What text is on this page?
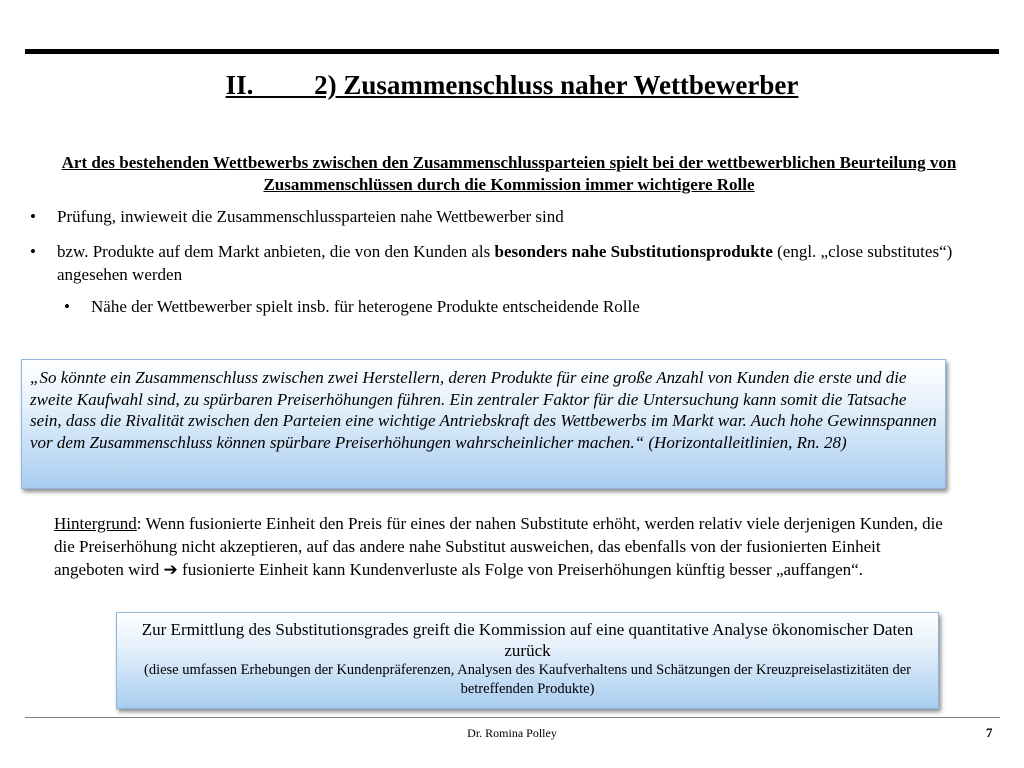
II.         2) Zusammenschluss naher Wettbewerber
Art des bestehenden Wettbewerbs zwischen den Zusammenschlussparteien spielt bei der wettbewerblichen Beurteilung von Zusammenschlüssen durch die Kommission immer wichtigere Rolle
• Prüfung, inwieweit die Zusammenschlussparteien nahe Wettbewerber sind
• bzw. Produkte auf dem Markt anbieten, die von den Kunden als besonders nahe Substitutionsprodukte (engl. „close substitutes“) angesehen werden
• Nähe der Wettbewerber spielt insb. für heterogene Produkte entscheidende Rolle
„So könnte ein Zusammenschluss zwischen zwei Herstellern, deren Produkte für eine große Anzahl von Kunden die erste und die zweite Kaufwahl sind, zu spürbaren Preiserhöhungen führen. Ein zentraler Faktor für die Untersuchung kann somit die Tatsache sein, dass die Rivalität zwischen den Parteien eine wichtige Antriebskraft des Wettbewerbs im Markt war. Auch hohe Gewinnspannen vor dem Zusammenschluss können spürbare Preiserhöhungen wahrscheinlicher machen.“ (Horizontalleitlinien, Rn. 28)
Hintergrund: Wenn fusionierte Einheit den Preis für eines der nahen Substitute erhöht, werden relativ viele derjenigen Kunden, die die Preiserhöhung nicht akzeptieren, auf das andere nahe Substitut ausweichen, das ebenfalls von der fusionierten Einheit angeboten wird ➔ fusionierte Einheit kann Kundenverluste als Folge von Preiserhöhungen künftig besser „auffangen“.
Zur Ermittlung des Substitutionsgrades greift die Kommission auf eine quantitative Analyse ökonomischer Daten zurück
(diese umfassen Erhebungen der Kundenpräferenzen, Analysen des Kaufverhaltens und Schätzungen der Kreuzpreiselastizitäten der betreffenden Produkte)
Dr. Romina Polley	7
